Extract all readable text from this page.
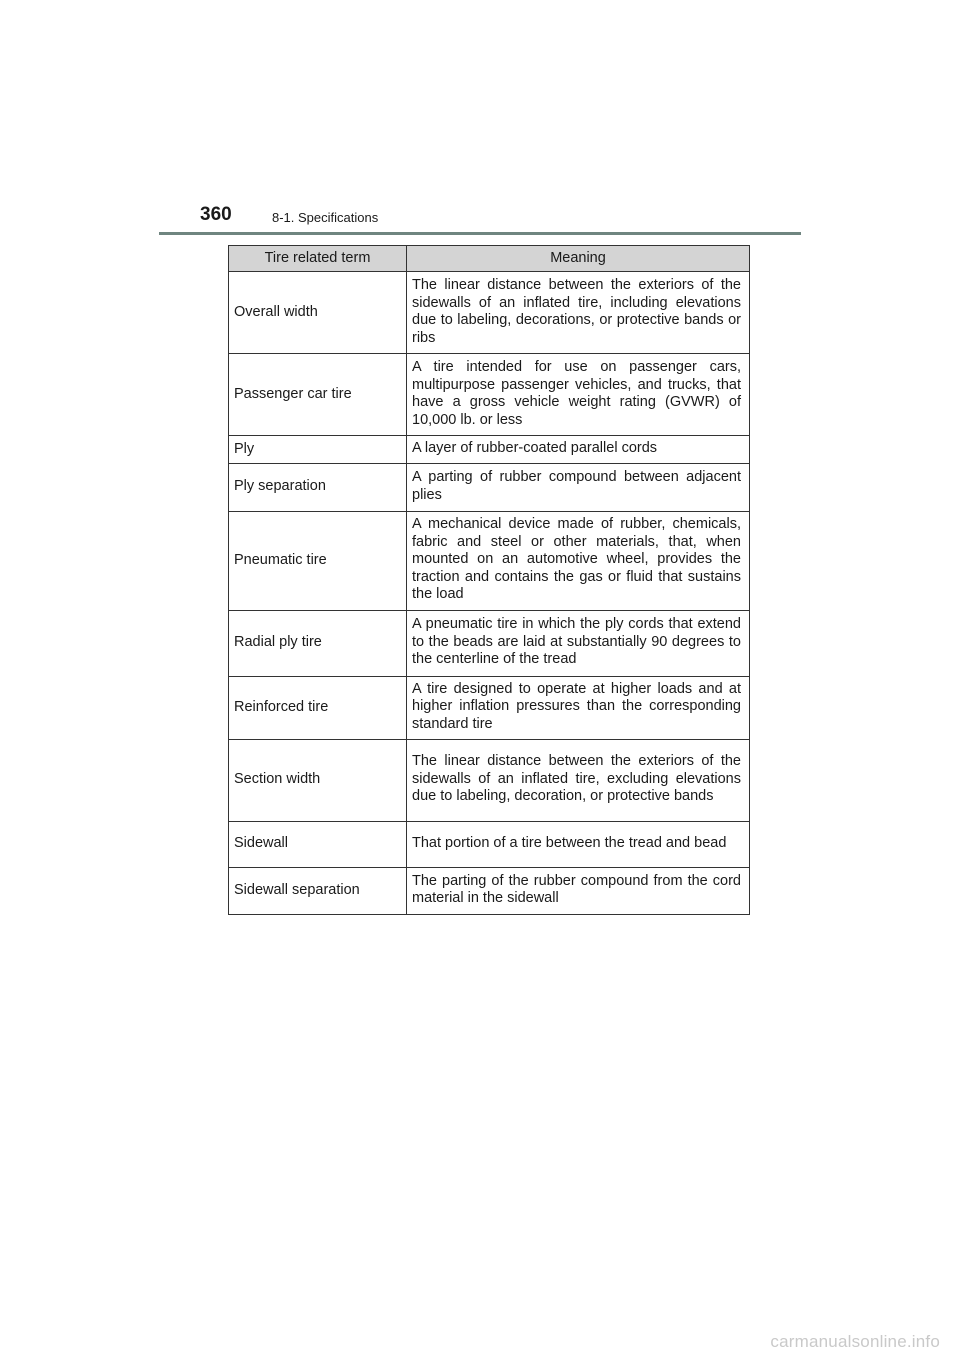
360	8-1. Specifications
Tire related term	Meaning
Overall width	The linear distance between the exteriors of the sidewalls of an inflated tire, including elevations due to labeling, decorations, or protective bands or ribs
Passenger car tire	A tire intended for use on passenger cars, multipurpose passenger vehicles, and trucks, that have a gross vehicle weight rating (GVWR) of 10,000 lb. or less
Ply	A layer of rubber-coated parallel cords
Ply separation	A parting of rubber compound between adjacent plies
Pneumatic tire	A mechanical device made of rubber, chemicals, fabric and steel or other materials, that, when mounted on an automotive wheel, provides the traction and contains the gas or fluid that sustains the load
Radial ply tire	A pneumatic tire in which the ply cords that extend to the beads are laid at substantially 90 degrees to the centerline of the tread
Reinforced tire	A tire designed to operate at higher loads and at higher inflation pressures than the corresponding standard tire
Section width	The linear distance between the exteriors of the sidewalls of an inflated tire, excluding elevations due to labeling, decoration, or protective bands
Sidewall	That portion of a tire between the tread and bead
Sidewall separation	The parting of the rubber compound from the cord material in the sidewall
carmanualsonline.info
